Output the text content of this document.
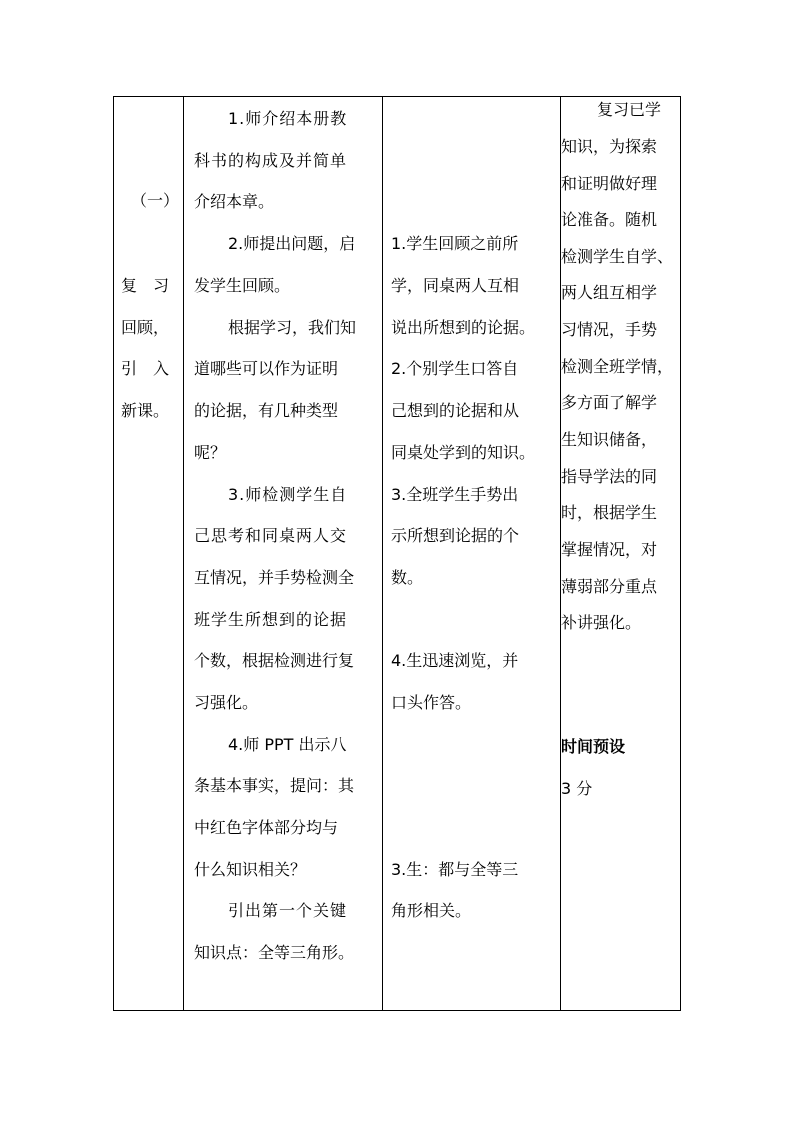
（一）
复　习
回顾，
引　入
新课。
1.师介绍本册教
科书的构成及并简单
介绍本章。
2.师提出问题，启
发学生回顾。
根据学习，我们知
道哪些可以作为证明
的论据，有几种类型
呢？
3.师检测学生自
己思考和同桌两人交
互情况，并手势检测全
班学生所想到的论据
个数，根据检测进行复
习强化。
4.师 PPT 出示八
条基本事实，提问：其
中红色字体部分均与
什么知识相关？
引出第一个关键
知识点：全等三角形。
1.学生回顾之前所
学，同桌两人互相
说出所想到的论据。
2.个别学生口答自
己想到的论据和从
同桌处学到的知识。
3.全班学生手势出
示所想到论据的个
数。
4.生迅速浏览，并
口头作答。
3.生：都与全等三
角形相关。
复习已学
知识，为探索
和证明做好理
论准备。随机
检测学生自学、
两人组互相学
习情况，手势
检测全班学情，
多方面了解学
生知识储备，
指导学法的同
时，根据学生
掌握情况，对
薄弱部分重点
补讲强化。
时间预设
3 分
